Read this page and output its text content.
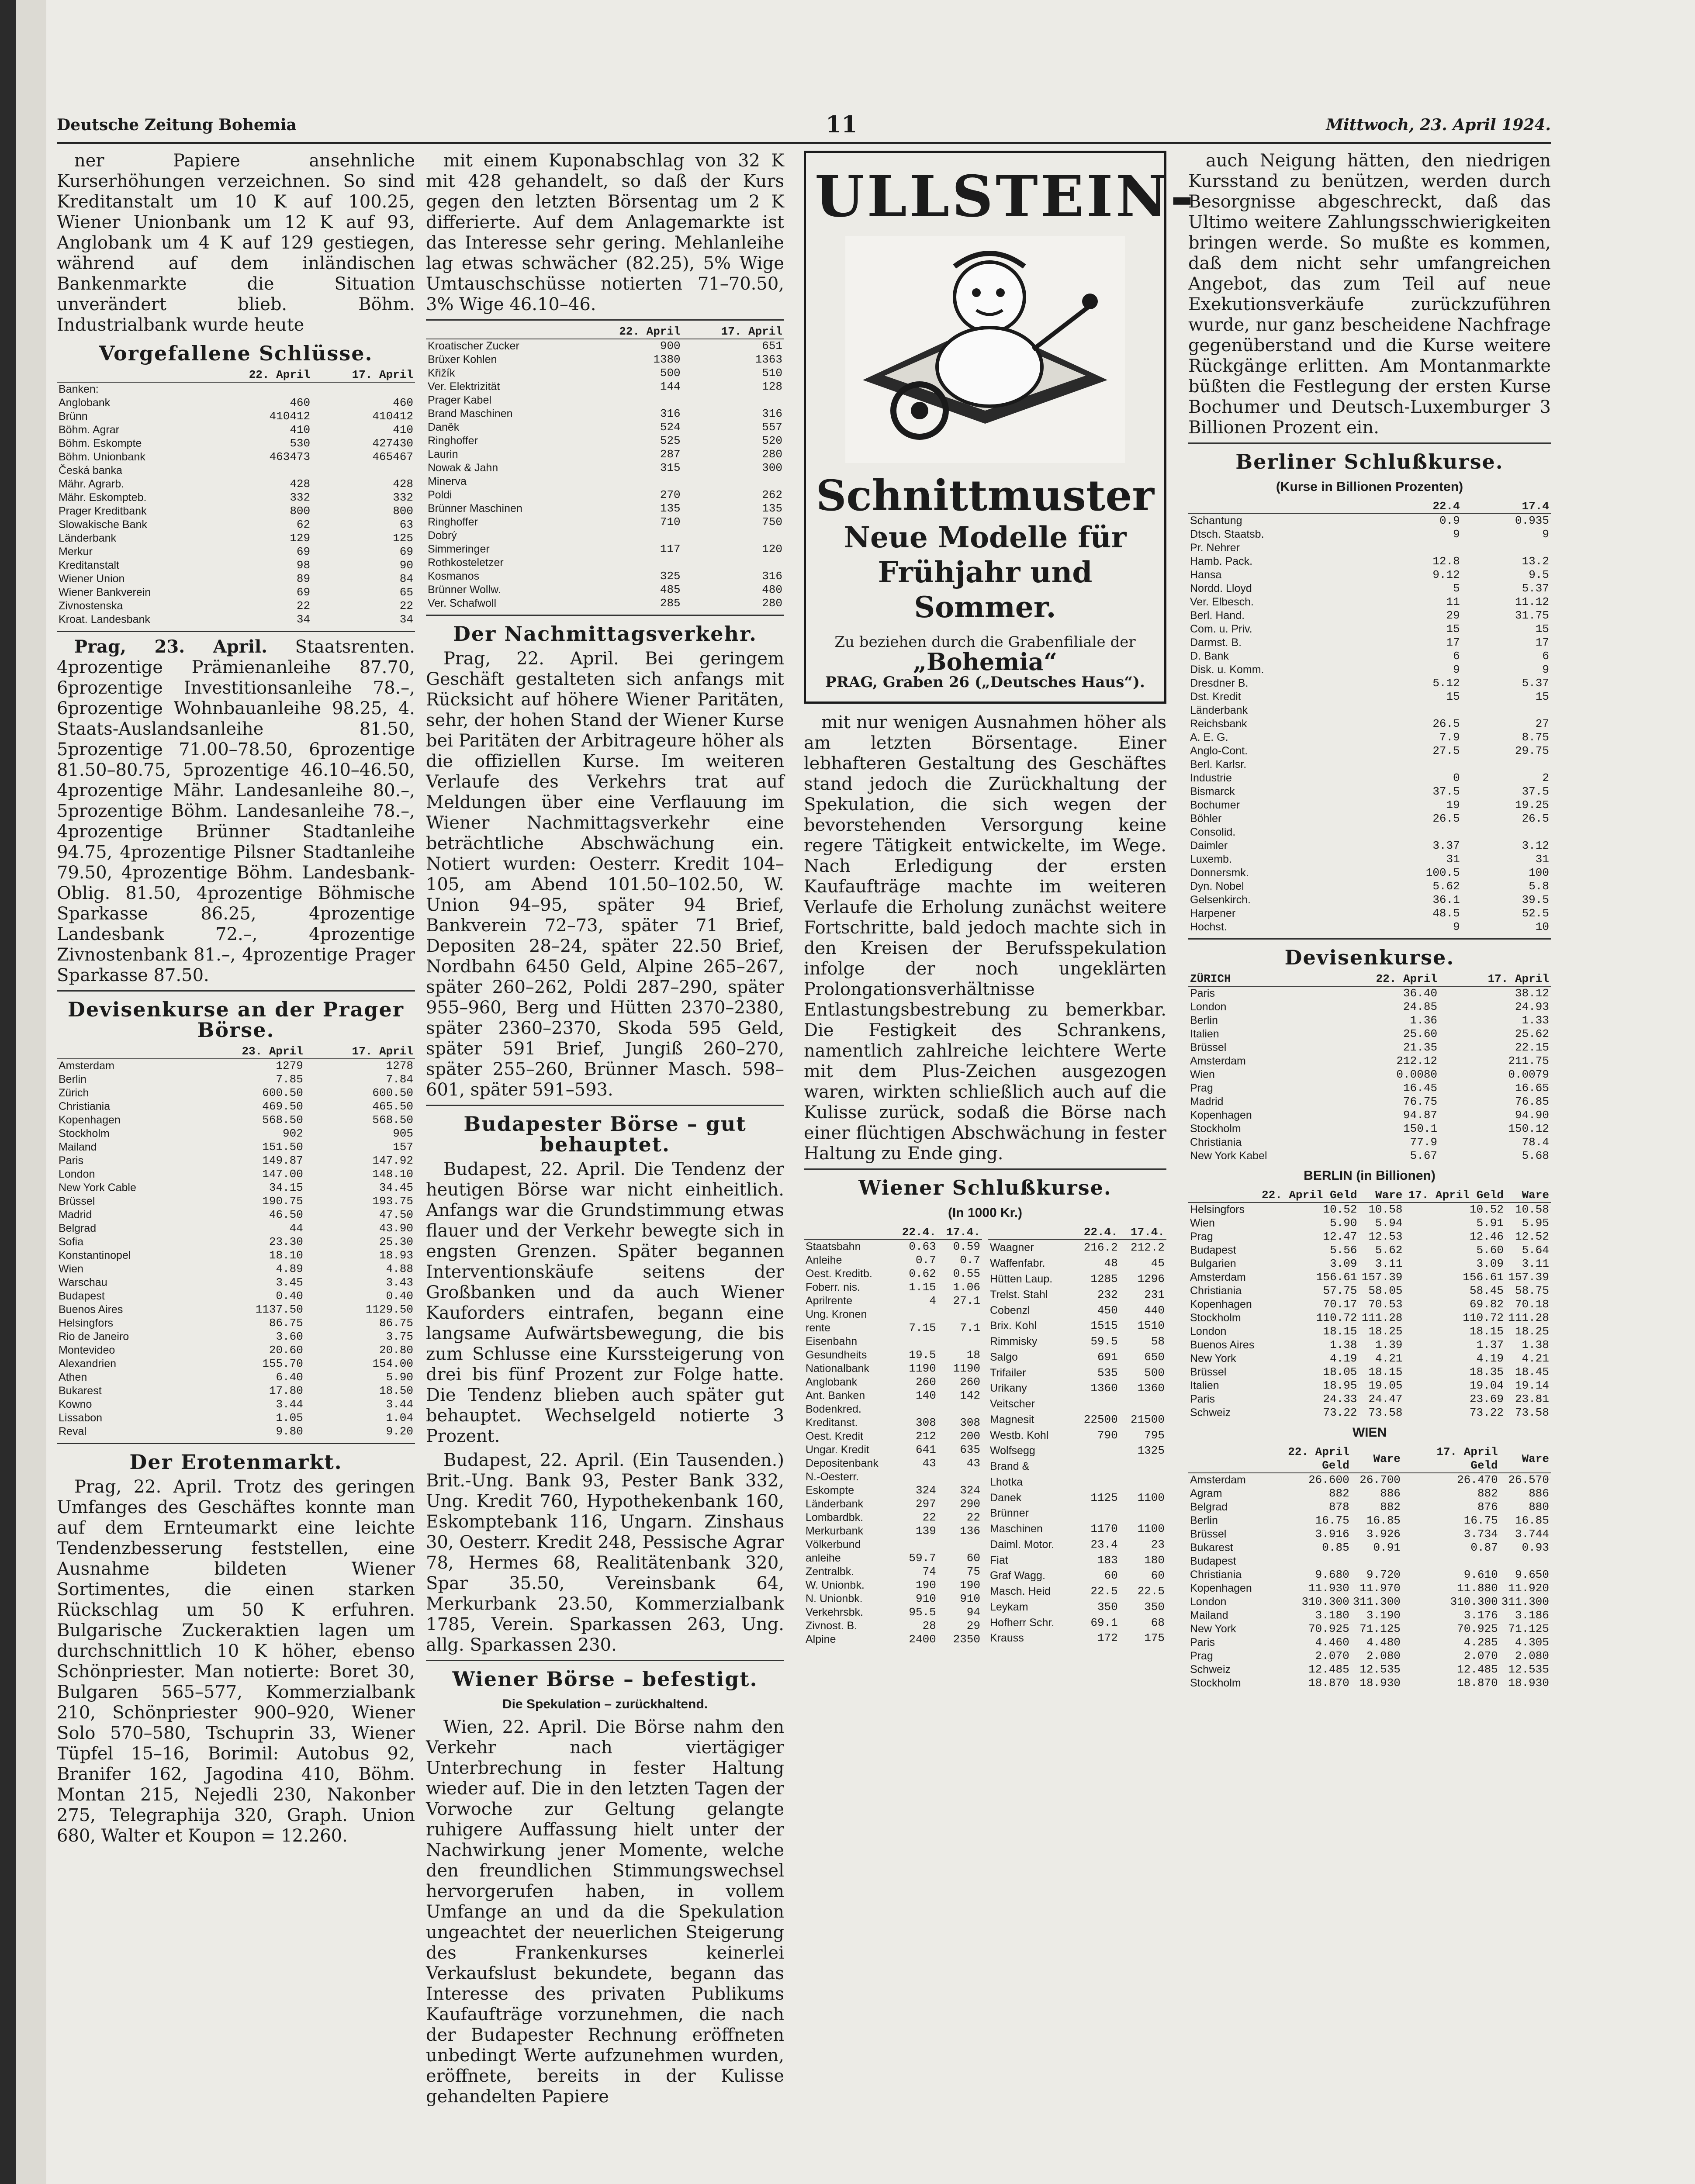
Deutsche Zeitung Bohemia	11	Mittwoch, 23. April 1924.

ner Papiere ansehnliche Kurserhöhungen verzeichnen. So sind Kreditanstalt um 10 K auf 100.25, Wiener Unionbank um 12 K auf 93, Anglobank um 4 K auf 129 gestiegen, während auf dem inländischen Bankenmarkte die Situation unverändert blieb. Böhm. Industrialbank wurde heute

Vorgefallene Schlüsse.
	22. April	17. April
Banken:		
Anglobank	460	460
Brünn	410412	410412
Böhm. Agrar	410	410
Böhm. Eskompte	530	427430
Böhm. Unionbank	463473	465467
Česká banka		
Mähr. Agrarb.	428	428
Mähr. Eskompteb.	332	332
Prager Kreditbank	800	800
Slowakische Bank	62	63
Länderbank	129	125
Merkur	69	69
Kreditanstalt	98	90
Wiener Union	89	84
Wiener Bankverein	69	65
Zivnostenska	22	22
Kroat. Landesbank	34	34

Prag, 23. April. Staatsrenten. 4prozentige Prämienanleihe 87.70, 6prozentige Investitionsanleihe 78.–, 6prozentige Wohnbauanleihe 98.25, 4. Staats-Auslandsanleihe 81.50, 5prozentige 71.00–78.50, 6prozentige 81.50–80.75, 5prozentige 46.10–46.50, 4prozentige Mähr. Landesanleihe 80.–, 5prozentige Böhm. Landesanleihe 78.–, 4prozentige Brünner Stadtanleihe 94.75, 4prozentige Pilsner Stadtanleihe 79.50, 4prozentige Böhm. Landesbank-Oblig. 81.50, 4prozentige Böhmische Sparkasse 86.25, 4prozentige Landesbank 72.–, 4prozentige Zivnostenbank 81.–, 4prozentige Prager Sparkasse 87.50.

Devisenkurse an der Prager Börse.
	23. April	17. April
Amsterdam	1279	1278
Berlin	7.85	7.84
Zürich	600.50	600.50
Christiania	469.50	465.50
Kopenhagen	568.50	568.50
Stockholm	902	905
Mailand	151.50	157
Paris	149.87	147.92
London	147.00	148.10
New York Cable	34.15	34.45
Brüssel	190.75	193.75
Madrid	46.50	47.50
Belgrad	44	43.90
Sofia	23.30	25.30
Konstantinopel	18.10	18.93
Wien	4.89	4.88
Warschau	3.45	3.43
Budapest	0.40	0.40
Buenos Aires	1137.50	1129.50
Helsingfors	86.75	86.75
Rio de Janeiro	3.60	3.75
Montevideo	20.60	20.80
Alexandrien	155.70	154.00
Athen	6.40	5.90
Bukarest	17.80	18.50
Kowno	3.44	3.44
Lissabon	1.05	1.04
Reval	9.80	9.20
Der Erotenmarkt.

Prag, 22. April. Trotz des geringen Umfanges des Geschäftes konnte man auf dem Ernteumarkt eine leichte Tendenzbesserung feststellen, eine Ausnahme bildeten Wiener Sortimentes, die einen starken Rückschlag um 50 K erfuhren. Bulgarische Zuckeraktien lagen um durchschnittlich 10 K höher, ebenso Schönpriester. Man notierte: Boret 30, Bulgaren 565–577, Kommerzialbank 210, Schönpriester 900–920, Wiener Solo 570–580, Tschuprin 33, Wiener Tüpfel 15–16, Borimil: Autobus 92, Branifer 162, Jagodina 410, Böhm. Montan 215, Nejedli 230, Nakonber 275, Telegraphija 320, Graph. Union 680, Walter et Koupon = 12.260.

mit einem Kuponabschlag von 32 K mit 428 gehandelt, so daß der Kurs gegen den letzten Börsentag um 2 K differierte. Auf dem Anlagemarkte ist das Interesse sehr gering. Mehlanleihe lag etwas schwächer (82.25), 5% Wige Umtauschschüsse notierten 71–70.50, 3% Wige 46.10–46.

	22. April	17. April
Kroatischer Zucker	900	651
Brüxer Kohlen	1380	1363
Křižík	500	510
Ver. Elektrizität	144	128
Prager Kabel		
Brand Maschinen	316	316
Daněk	524	557
Ringhoffer	525	520
Laurin	287	280
Nowak & Jahn	315	300
Minerva		
Poldi	270	262
Brünner Maschinen	135	135
Ringhoffer	710	750
Dobrý		
Simmeringer	117	120
Rothkosteletzer		
Kosmanos	325	316
Brünner Wollw.	485	480
Ver. Schafwoll	285	280
Der Nachmittagsverkehr.

Prag, 22. April. Bei geringem Geschäft gestalteten sich anfangs mit Rücksicht auf höhere Wiener Paritäten, sehr, der hohen Stand der Wiener Kurse bei Paritäten der Arbitrageure höher als die offiziellen Kurse. Im weiteren Verlaufe des Verkehrs trat auf Meldungen über eine Verflauung im Wiener Nachmittagsverkehr eine beträchtliche Abschwächung ein. Notiert wurden: Oesterr. Kredit 104–105, am Abend 101.50–102.50, W. Union 94–95, später 94 Brief, Bankverein 72–73, später 71 Brief, Depositen 28–24, später 22.50 Brief, Nordbahn 6450 Geld, Alpine 265–267, später 260–262, Poldi 287–290, später 955–960, Berg und Hütten 2370–2380, später 2360–2370, Skoda 595 Geld, später 591 Brief, Jungiß 260–270, später 255–260, Brünner Masch. 598–601, später 591–593.

Budapester Börse – gut behauptet.

Budapest, 22. April. Die Tendenz der heutigen Börse war nicht einheitlich. Anfangs war die Grundstimmung etwas flauer und der Verkehr bewegte sich in engsten Grenzen. Später begannen Interventionskäufe seitens der Großbanken und da auch Wiener Kauforders eintrafen, begann eine langsame Aufwärtsbewegung, die bis zum Schlusse eine Kurssteigerung von drei bis fünf Prozent zur Folge hatte. Die Tendenz blieben auch später gut behauptet. Wechselgeld notierte 3 Prozent.

Budapest, 22. April. (Ein Tausenden.) Brit.-Ung. Bank 93, Pester Bank 332, Ung. Kredit 760, Hypothekenbank 160, Eskomptebank 116, Ungarn. Zinshaus 30, Oesterr. Kredit 248, Pessische Agrar 78, Hermes 68, Realitätenbank 320, Spar 35.50, Vereinsbank 64, Merkurbank 23.50, Kommerzialbank 1785, Verein. Sparkassen 263, Ung. allg. Sparkassen 230.

Wiener Börse – befestigt.
Die Spekulation – zurückhaltend.

Wien, 22. April. Die Börse nahm den Verkehr nach viertägiger Unterbrechung in fester Haltung wieder auf. Die in den letzten Tagen der Vorwoche zur Geltung gelangte ruhigere Auffassung hielt unter der Nachwirkung jener Momente, welche den freundlichen Stimmungswechsel hervorgerufen haben, in vollem Umfange an und da die Spekulation ungeachtet der neuerlichen Steigerung des Frankenkurses keinerlei Verkaufslust bekundete, begann das Interesse des privaten Publikums Kaufaufträge vorzunehmen, die nach der Budapester Rechnung eröffneten unbedingt Werte aufzunehmen wurden, eröffnete, bereits in der Kulisse gehandelten Papiere

ULLSTEIN-
Schnittmuster
Neue Modelle für
Frühjahr und Sommer.
Zu beziehen durch die Grabenfiliale der
„Bohemia“
PRAG, Graben 26 („Deutsches Haus“).

mit nur wenigen Ausnahmen höher als am letzten Börsentage. Einer lebhafteren Gestaltung des Geschäftes stand jedoch die Zurückhaltung der Spekulation, die sich wegen der bevorstehenden Versorgung keine regere Tätigkeit entwickelte, im Wege. Nach Erledigung der ersten Kaufaufträge machte im weiteren Verlaufe die Erholung zunächst weitere Fortschritte, bald jedoch machte sich in den Kreisen der Berufsspekulation infolge der noch ungeklärten Prolongationsverhältnisse Entlastungsbestrebung zu bemerkbar. Die Festigkeit des Schrankens, namentlich zahlreiche leichtere Werte mit dem Plus-Zeichen ausgezogen waren, wirkten schließlich auch auf die Kulisse zurück, sodaß die Börse nach einer flüchtigen Abschwächung in fester Haltung zu Ende ging.

Wiener Schlußkurse.
(In 1000 Kr.)
	22.4.	17.4.
Staatsbahn	0.63	0.59
Anleihe	0.7	0.7
Oest. Kreditb.	0.62	0.55
Foberr. nis.	1.15	1.06
Aprilrente	4	27.1
Ung. Kronen		
rente	7.15	7.1
Eisenbahn		
Gesundheits	19.5	18
Nationalbank	1190	1190
Anglobank	260	260
Ant. Banken	140	142
Bodenkred.		
Kreditanst.	308	308
Oest. Kredit	212	200
Ungar. Kredit	641	635
Depositenbank	43	43
N.-Oesterr.		
Eskompte	324	324
Länderbank	297	290
Lombardbk.	22	22
Merkurbank	139	136
Völkerbund		
anleihe	59.7	60
Zentralbk.	74	75
W. Unionbk.	190	190
N. Unionbk.	910	910
Verkehrsbk.	95.5	94
Zivnost. B.	28	29
Alpine	2400	2350
	22.4.	17.4.
Waagner	216.2	212.2
Waffenfabr.	48	45
Hütten Laup.	1285	1296
Trelst. Stahl	232	231
Cobenzl	450	440
Brix. Kohl	1515	1510
Rimmisky	59.5	58
Salgo	691	650
Trifailer	535	500
Urikany	1360	1360
Veitscher		
Magnesit	22500	21500
Westb. Kohl	790	795
Wolfsegg		1325
Brand &		
Lhotka		
Danek	1125	1100
Brünner		
Maschinen	1170	1100
Daiml. Motor.	23.4	23
Fiat	183	180
Graf Wagg.	60	60
Masch. Heid	22.5	22.5
Leykam	350	350
Hofherr Schr.	69.1	68
Krauss	172	175

auch Neigung hätten, den niedrigen Kursstand zu benützen, werden durch Besorgnisse abgeschreckt, daß das Ultimo weitere Zahlungsschwierigkeiten bringen werde. So mußte es kommen, daß dem nicht sehr umfangreichen Angebot, das zum Teil auf neue Exekutionsverkäufe zurückzuführen wurde, nur ganz bescheidene Nachfrage gegenüberstand und die Kurse weitere Rückgänge erlitten. Am Montanmarkte büßten die Festlegung der ersten Kurse Bochumer und Deutsch-Luxemburger 3 Billionen Prozent ein.

Berliner Schlußkurse.
(Kurse in Billionen Prozenten)
	22.4	17.4
Schantung	0.9	0.935
Dtsch. Staatsb.	9	9
Pr. Nehrer		
Hamb. Pack.	12.8	13.2
Hansa	9.12	9.5
Nordd. Lloyd	5	5.37
Ver. Elbesch.	11	11.12
Berl. Hand.	29	31.75
Com. u. Priv.	15	15
Darmst. B.	17	17
D. Bank	6	6
Disk. u. Komm.	9	9
Dresdner B.	5.12	5.37
Dst. Kredit	15	15
Länderbank		
Reichsbank	26.5	27
A. E. G.	7.9	8.75
Anglo-Cont.	27.5	29.75
Berl. Karlsr.		
Industrie	0	2
Bismarck	37.5	37.5
Bochumer	19	19.25
Böhler	26.5	26.5
Consolid.		
Daimler	3.37	3.12
Luxemb.	31	31
Donnersmk.	100.5	100
Dyn. Nobel	5.62	5.8
Gelsenkirch.	36.1	39.5
Harpener	48.5	52.5
Hochst.	9	10
Devisenkurse.
ZÜRICH	22. April	17. April
Paris	36.40	38.12
London	24.85	24.93
Berlin	1.36	1.33
Italien	25.60	25.62
Brüssel	21.35	22.15
Amsterdam	212.12	211.75
Wien	0.0080	0.0079
Prag	16.45	16.65
Madrid	76.75	76.85
Kopenhagen	94.87	94.90
Stockholm	150.1	150.12
Christiania	77.9	78.4
New York Kabel	5.67	5.68
BERLIN (in Billionen)
	22. April Geld	Ware	17. April Geld	Ware
Helsingfors	10.52	10.58	10.52	10.58
Wien	5.90	5.94	5.91	5.95
Prag	12.47	12.53	12.46	12.52
Budapest	5.56	5.62	5.60	5.64
Bulgarien	3.09	3.11	3.09	3.11
Amsterdam	156.61	157.39	156.61	157.39
Christiania	57.75	58.05	58.45	58.75
Kopenhagen	70.17	70.53	69.82	70.18
Stockholm	110.72	111.28	110.72	111.28
London	18.15	18.25	18.15	18.25
Buenos Aires	1.38	1.39	1.37	1.38
New York	4.19	4.21	4.19	4.21
Brüssel	18.05	18.15	18.35	18.45
Italien	18.95	19.05	19.04	19.14
Paris	24.33	24.47	23.69	23.81
Schweiz	73.22	73.58	73.22	73.58
WIEN
	22. April Geld	Ware	17. April Geld	Ware
Amsterdam	26.600	26.700	26.470	26.570
Agram	882	886	882	886
Belgrad	878	882	876	880
Berlin	16.75	16.85	16.75	16.85
Brüssel	3.916	3.926	3.734	3.744
Bukarest	0.85	0.91	0.87	0.93
Budapest				
Christiania	9.680	9.720	9.610	9.650
Kopenhagen	11.930	11.970	11.880	11.920
London	310.300	311.300	310.300	311.300
Mailand	3.180	3.190	3.176	3.186
New York	70.925	71.125	70.925	71.125
Paris	4.460	4.480	4.285	4.305
Prag	2.070	2.080	2.070	2.080
Schweiz	12.485	12.535	12.485	12.535
Stockholm	18.870	18.930	18.870	18.930
